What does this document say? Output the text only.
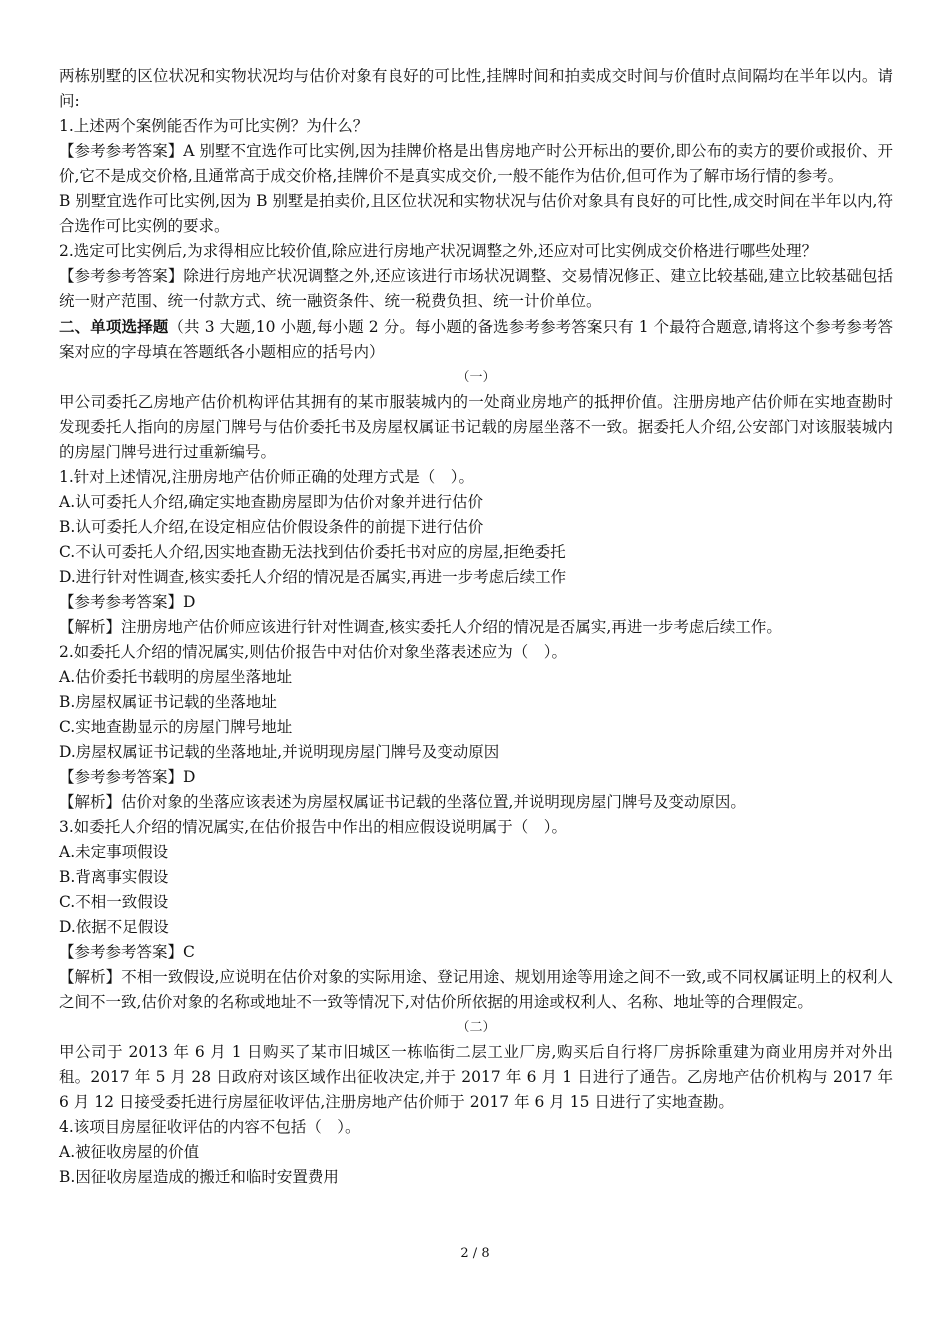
两栋别墅的区位状况和实物状况均与估价对象有良好的可比性,挂牌时间和拍卖成交时间与价值时点间隔均在半年以内。请问:

1.上述两个案例能否作为可比实例？为什么？

【参考参考答案】A 别墅不宜选作可比实例,因为挂牌价格是出售房地产时公开标出的要价,即公布的卖方的要价或报价、开价,它不是成交价格,且通常高于成交价格,挂牌价不是真实成交价,一般不能作为估价,但可作为了解市场行情的参考。

B 别墅宜选作可比实例,因为 B 别墅是拍卖价,且区位状况和实物状况与估价对象具有良好的可比性,成交时间在半年以内,符合选作可比实例的要求。

2.选定可比实例后,为求得相应比较价值,除应进行房地产状况调整之外,还应对可比实例成交价格进行哪些处理？

【参考参考答案】除进行房地产状况调整之外,还应该进行市场状况调整、交易情况修正、建立比较基础,建立比较基础包括统一财产范围、统一付款方式、统一融资条件、统一税费负担、统一计价单位。

二、单项选择题（共 3 大题,10 小题,每小题 2 分。每小题的备选参考参考答案只有 1 个最符合题意,请将这个参考参考答案对应的字母填在答题纸各小题相应的括号内）

（一）

甲公司委托乙房地产估价机构评估其拥有的某市服装城内的一处商业房地产的抵押价值。注册房地产估价师在实地查勘时发现委托人指向的房屋门牌号与估价委托书及房屋权属证书记载的房屋坐落不一致。据委托人介绍,公安部门对该服装城内的房屋门牌号进行过重新编号。

1.针对上述情况,注册房地产估价师正确的处理方式是（　）。

A.认可委托人介绍,确定实地查勘房屋即为估价对象并进行估价

B.认可委托人介绍,在设定相应估价假设条件的前提下进行估价

C.不认可委托人介绍,因实地查勘无法找到估价委托书对应的房屋,拒绝委托

D.进行针对性调查,核实委托人介绍的情况是否属实,再进一步考虑后续工作

【参考参考答案】D

【解析】注册房地产估价师应该进行针对性调查,核实委托人介绍的情况是否属实,再进一步考虑后续工作。

2.如委托人介绍的情况属实,则估价报告中对估价对象坐落表述应为（　）。

A.估价委托书载明的房屋坐落地址

B.房屋权属证书记载的坐落地址

C.实地查勘显示的房屋门牌号地址

D.房屋权属证书记载的坐落地址,并说明现房屋门牌号及变动原因

【参考参考答案】D

【解析】估价对象的坐落应该表述为房屋权属证书记载的坐落位置,并说明现房屋门牌号及变动原因。

3.如委托人介绍的情况属实,在估价报告中作出的相应假设说明属于（　）。

A.未定事项假设

B.背离事实假设

C.不相一致假设

D.依据不足假设

【参考参考答案】C

【解析】不相一致假设,应说明在估价对象的实际用途、登记用途、规划用途等用途之间不一致,或不同权属证明上的权利人之间不一致,估价对象的名称或地址不一致等情况下,对估价所依据的用途或权利人、名称、地址等的合理假定。

（二）

甲公司于 2013 年 6 月 1 日购买了某市旧城区一栋临街二层工业厂房,购买后自行将厂房拆除重建为商业用房并对外出租。2017 年 5 月 28 日政府对该区域作出征收决定,并于 2017 年 6 月 1 日进行了通告。乙房地产估价机构与 2017 年 6 月 12 日接受委托进行房屋征收评估,注册房地产估价师于 2017 年 6 月 15 日进行了实地查勘。

4.该项目房屋征收评估的内容不包括（　）。

A.被征收房屋的价值

B.因征收房屋造成的搬迁和临时安置费用

2 / 8
